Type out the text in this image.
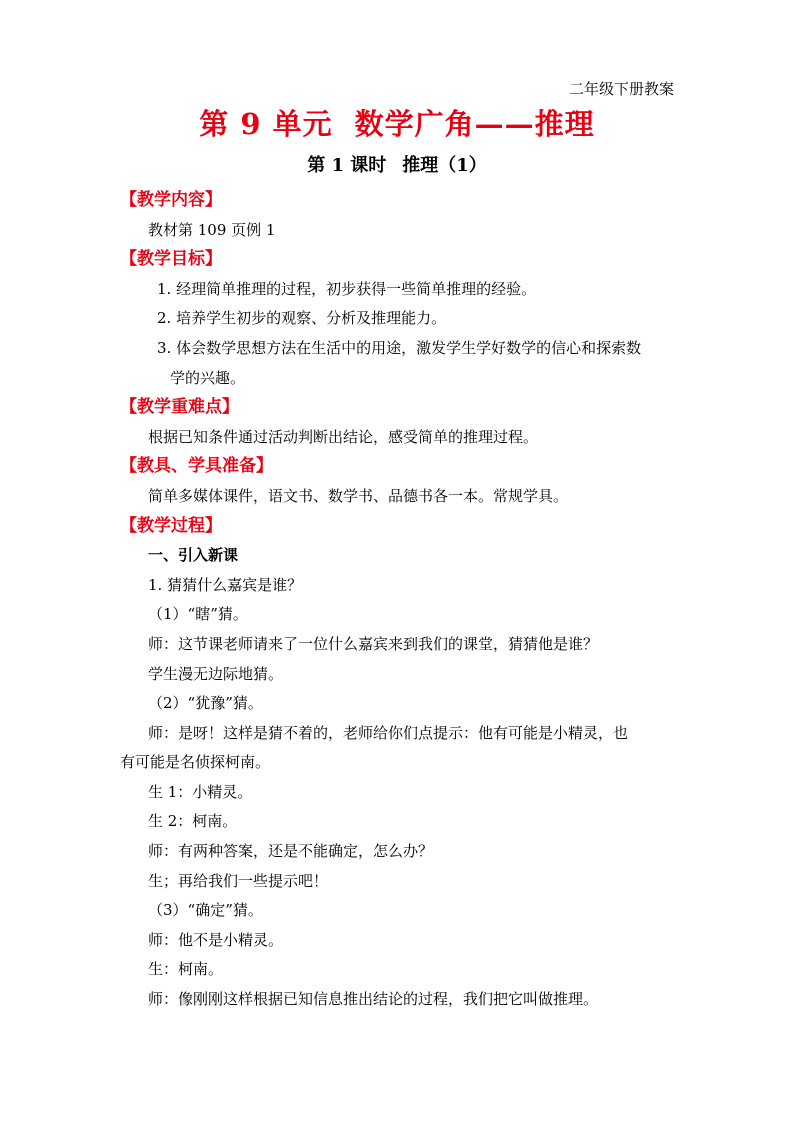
二年级下册教案
第 9 单元 数学广角——推理
第 1 课时 推理（1）
【教学内容】
教材第 109 页例 1
【教学目标】
1. 经理简单推理的过程，初步获得一些简单推理的经验。
2. 培养学生初步的观察、分析及推理能力。
3. 体会数学思想方法在生活中的用途，激发学生学好数学的信心和探索数
学的兴趣。
【教学重难点】
根据已知条件通过活动判断出结论，感受简单的推理过程。
【教具、学具准备】
简单多媒体课件，语文书、数学书、品德书各一本。常规学具。
【教学过程】
一、引入新课
1. 猜猜什么嘉宾是谁？
（1）“瞎”猜。
师：这节课老师请来了一位什么嘉宾来到我们的课堂，猜猜他是谁？
学生漫无边际地猜。
（2）“犹豫”猜。
师：是呀！这样是猜不着的，老师给你们点提示：他有可能是小精灵，也
有可能是名侦探柯南。
生 1：小精灵。
生 2：柯南。
师：有两种答案，还是不能确定，怎么办？
生；再给我们一些提示吧！
（3）“确定”猜。
师：他不是小精灵。
生：柯南。
师：像刚刚这样根据已知信息推出结论的过程，我们把它叫做推理。
